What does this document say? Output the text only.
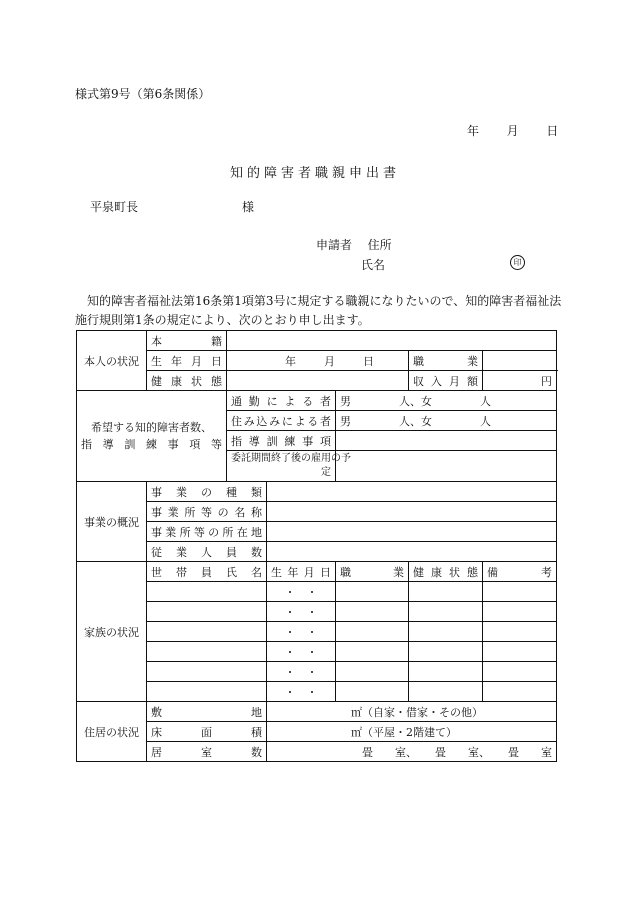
様式第9号（第6条関係）
年 月 日
知的障害者職親申出書
平泉町長	様
申請者 住所
氏名	印
知的障害者福祉法第16条第1項第3号に規定する職親になりたいので、知的障害者福祉法施行規則第1条の規定により、次のとおり申し出ます。
本人の状況	本　　籍					
	生年月日	年 月 日			職　　業	
	健康状態				収入月額	円

希望する知的障害者数、
指導訓練事項等		通勤による者		男 人、女 人		
		住み込みによる者		男 人、女 人		
		指導訓練事項				

		委託期間終了後の雇用の予
定				

事業の概況	事業の種類					
	事業所等の名称					
	事業所等の所在地					
	従業人員数					
家族の状況	世帯員氏名		生年月日	職　　業	健康状態	備　　考
			・　・			
			・　・			
			・　・			
			・　・			
			・　・			
			・　・			
住居の状況	敷　　地		㎡（自家・借家・その他）			
	床面積		㎡（平屋・2階建て）			
	居室数		畳　　室、 畳　　室、 畳　　室			
